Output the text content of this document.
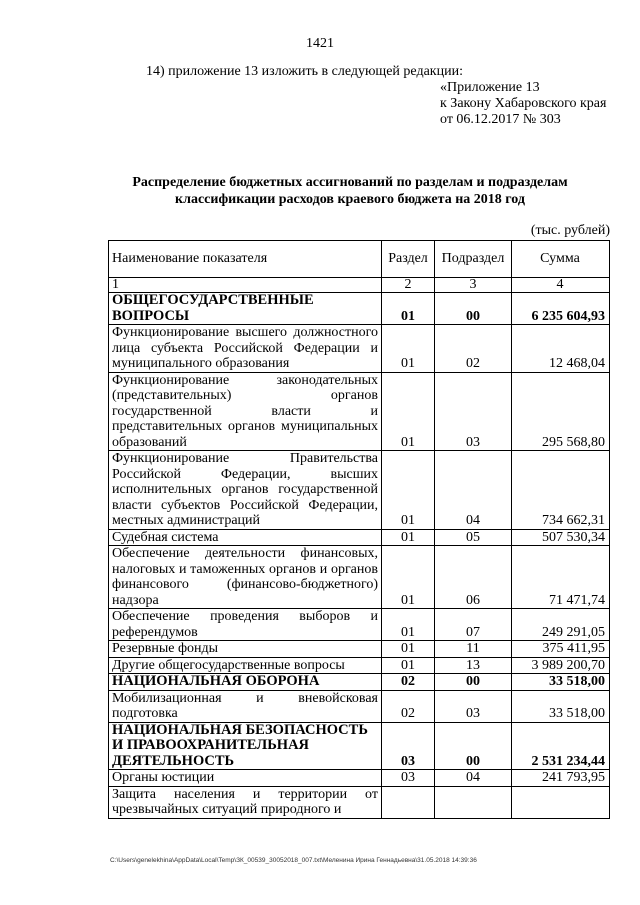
1421
14) приложение 13 изложить в следующей редакции:
«Приложение 13
к Закону Хабаровского края
от 06.12.2017 № 303
Распределение бюджетных ассигнований по разделам и подразделам
классификации расходов краевого бюджета на 2018 год
(тыс. рублей)
Наименование показателя	Раздел	Подраздел	Сумма
1	2	3	4
ОБЩЕГОСУДАРСТВЕННЫЕ ВОПРОСЫ	01	00	6 235 604,93
Функционирование высшего должностного лица субъекта Российской Федерации и муниципального образования	01	02	12 468,04
Функционирование законодательных (представительных) органов государственной власти и представительных органов муниципальных образований	01	03	295 568,80
Функционирование Правительства Российской Федерации, высших исполнительных органов государственной власти субъектов Российской Федерации, местных администраций	01	04	734 662,31
Судебная система	01	05	507 530,34
Обеспечение деятельности финансовых, налоговых и таможенных органов и органов финансового (финансово-бюджетного) надзора	01	06	71 471,74
Обеспечение проведения выборов и референдумов	01	07	249 291,05
Резервные фонды	01	11	375 411,95
Другие общегосударственные вопросы	01	13	3 989 200,70
НАЦИОНАЛЬНАЯ ОБОРОНА	02	00	33 518,00
Мобилизационная и вневойсковая подготовка	02	03	33 518,00
НАЦИОНАЛЬНАЯ БЕЗОПАСНОСТЬ И ПРАВООХРАНИТЕЛЬНАЯ ДЕЯТЕЛЬНОСТЬ	03	00	2 531 234,44
Органы юстиции	03	04	241 793,95
Защита населения и территории от чрезвычайных ситуаций природного и			
C:\Users\genelekhina\AppData\Local\Temp\ЗК_00539_30052018_007.txt\Меленина Ирина Геннадьевна\31.05.2018 14:39:36
